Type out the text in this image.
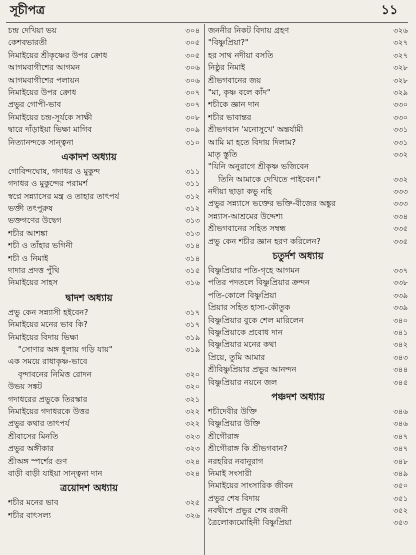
সূচীপত্র	১১
চন্দ্র দেখিয়া ভয়	৩০৪
কেশবভারতী	৩০৫
নিমাইয়ের শ্রীকৃষ্ণের উপর ক্রোধ	৩০৫
আগমবাগীশের আগমন	৩০৬
আগমবাগীশের পলায়ন	৩০৬
নিমাইয়ের উপর ক্রোধ	৩০৭
প্রভুর গোপী-ভাব	৩০৭
নিমাইয়ের চন্দ্র-সূর্যকে সাক্ষী	৩০৮
দ্বারে দাঁড়াইয়া ভিক্ষা মাগিব	৩০৯
নিত্যানন্দকে সান্ত্বনা	৩১০
একাদশ অধ্যায়
গোবিন্দঘোষ, গদাধর ও মুকুন্দ	৩১১
গদাধর ও মুকুন্দের পরামর্শ	৩১১
স্বপ্নে সন্ন্যাসের মন্ত্র ও তাহার তাৎপর্য	৩১২
ভক্তী তৎপুরুষ	৩১২
ভক্তগণের উদ্বেগ	৩১৩
শচীর আশঙ্কা	৩১৩
শচী ও তাঁহার ভগিনী	৩১৪
শচী ও নিমাই	৩১৪
দাদার প্রদত্ত পুঁথি	৩১৫
নিমাইয়ের সাহস	৩১৬
দ্বাদশ অধ্যায়
প্রভু কেন সন্ন্যাসী হইবেন?	৩১৭
নিমাইয়ের মনের ভাব কি?	৩১৭
নিমাইয়ের বিদায় ভিক্ষা	৩১৯
"সোণার অঙ্গ ধূলায় গড়ি যায়"	৩১৯
এক সময়ে রাধাকৃষ্ণ-ভাবে
বৃন্দাবনের নিমিত্ত রোদন	৩২০
উভয় সঙ্কট	৩২০
গদাধরের প্রভুকে তিরস্কার	৩২১
নিমাইয়ের গদাধরকে উত্তর	৩২২
প্রভুর কথার তাৎপর্য	৩২২
শ্রীবাসের মিনতি	৩২৩
প্রভুর অঙ্গীকার	৩২৩
শ্রীঅঙ্গ স্পর্শের গুণ	৩২৪
বাড়ী বাড়ী যাইয়া সান্ত্বনা দান	৩২৪
ত্রয়োদশ অধ্যায়
শচীর মনের ভাব	৩২৫
শচীর বাৎসল্য	৩২৬
জননীর নিকট বিদায় গ্রহণ	৩২৬
"বিষ্ণুপ্রিয়া?"	৩২৭
হর সাথ নদীয়া বসতি	৩২৭
নিষ্ঠুর নিমাই	৩২৮
শ্রীভগবানের জয়	৩২৮
"মা, কৃষ্ণ বলে কাঁদ"	৩২৯
শচীকে জ্ঞান দান	৩৩০
শচীর ভাবান্তর	৩৩০
শ্রীভগবান 'মনোসুখে' অন্তর্যামী	৩৩১
আমি মা হতে বিদায় দিলাম?	৩৩১
মাতৃ স্তুতি	৩৩২
"যিনি অনুরাগে শ্রীকৃষ্ণ ভজিবেন
তিনি আমাকে দেখিতে পাইবেন।"	৩৩২
নদীয়া ছাড়া কভু নহি	৩৩৩
প্রভুর সন্ন্যাসে ভক্তের ভক্তি-বীজের অঙ্কুর	৩৩৩
সন্ন্যাস-আশ্রমের উদ্দেশ্য	৩৩৪
শ্রীভগবানের সহিত সম্বন্ধ	৩৩৫
প্রভু কেন শচীর জ্ঞান হরণ করিলেন?	৩৩৫
চতুর্দশ অধ্যায়
বিষ্ণুপ্রিয়ার পতি-গৃহে আগমন	৩৩৭
পতির পদতলে বিষ্ণুপ্রিয়ার ক্রন্দন	৩৩৮
পতি-কোলে বিষ্ণুপ্রিয়া	৩৩৯
প্রিয়ার সহিত হাস্য-কৌতুক	৩৩৯
বিষ্ণুপ্রিয়ার বুকে শেল মারিলেন	৩৪০
বিষ্ণুপ্রিয়াকে প্রবোধ দান	৩৪১
বিষ্ণুপ্রিয়ার মনের কথা	৩৪২
প্রিয়ে, তুমি আমার	৩৪৩
শ্রীবিষ্ণুপ্রিয়ার প্রভুর আনন্দন	৩৪৪
বিষ্ণুপ্রিয়ার নয়নে জল	৩৪৫
পঞ্চদশ অধ্যায়
শচীদেবীর উক্তি	৩৪৬
বিষ্ণুপ্রিয়ার উক্তি	৩৪৬
শ্রীগৌরাঙ্গ	৩৪৭
শ্রীগৌরাঙ্গ কি শ্রীভগবান?	৩৪৭
নরহরির নবানুরাগ	৩৪৮
নিমাই সংসারী	৩৪৯
নিমাইয়ের সাংসারিক জীবন	৩৫০
প্রভুর শেষ বিদায়	৩৫১
নবদ্বীপে প্রভুর শেষ রজনী	৩৫২
ত্রৈলোক্যমোহিনী বিষ্ণুপ্রিয়া	৩৫৩
